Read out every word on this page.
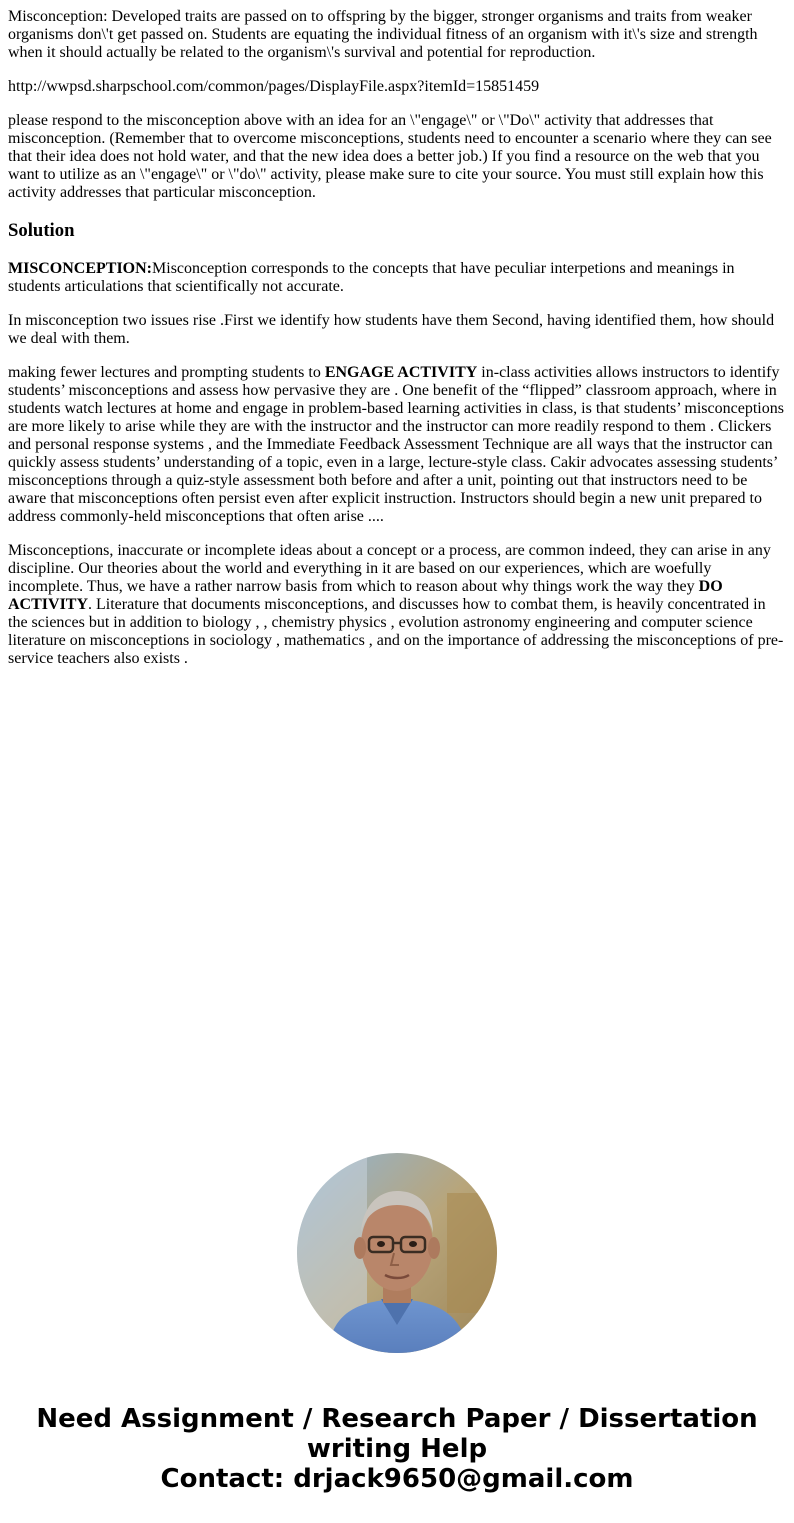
Misconception: Developed traits are passed on to offspring by the bigger, stronger organisms and traits from weaker organisms don\'t get passed on. Students are equating the individual fitness of an organism with it\'s size and strength when it should actually be related to the organism\'s survival and potential for reproduction.

http://wwpsd.sharpschool.com/common/pages/DisplayFile.aspx?itemId=15851459

please respond to the misconception above with an idea for an \"engage\" or \"Do\" activity that addresses that misconception. (Remember that to overcome misconceptions, students need to encounter a scenario where they can see that their idea does not hold water, and that the new idea does a better job.) If you find a resource on the web that you want to utilize as an \"engage\" or \"do\" activity, please make sure to cite your source. You must still explain how this activity addresses that particular misconception.

Solution

MISCONCEPTION:Misconception corresponds to the concepts that have peculiar interpetions and meanings in students articulations that scientifically not accurate.

In misconception two issues rise .First we identify how students have them Second, having identified them, how should we deal with them.

making fewer lectures and prompting students to ENGAGE ACTIVITY in-class activities allows instructors to identify students’ misconceptions and assess how pervasive they are . One benefit of the “flipped” classroom approach, where in students watch lectures at home and engage in problem-based learning activities in class, is that students’ misconceptions are more likely to arise while they are with the instructor and the instructor can more readily respond to them . Clickers and personal response systems , and the Immediate Feedback Assessment Technique are all ways that the instructor can quickly assess students’ understanding of a topic, even in a large, lecture-style class. Cakir advocates assessing students’ misconceptions through a quiz-style assessment both before and after a unit, pointing out that instructors need to be aware that misconceptions often persist even after explicit instruction. Instructors should begin a new unit prepared to address commonly-held misconceptions that often arise ....

Misconceptions, inaccurate or incomplete ideas about a concept or a process, are common indeed, they can arise in any discipline. Our theories about the world and everything in it are based on our experiences, which are woefully incomplete. Thus, we have a rather narrow basis from which to reason about why things work the way they DO ACTIVITY. Literature that documents misconceptions, and discusses how to combat them, is heavily concentrated in the sciences but in addition to biology , , chemistry physics , evolution astronomy engineering and computer science literature on misconceptions in sociology , mathematics , and on the importance of addressing the misconceptions of pre-service teachers also exists .

Need Assignment / Research Paper / Dissertation
writing Help
Contact: drjack9650@gmail.com
